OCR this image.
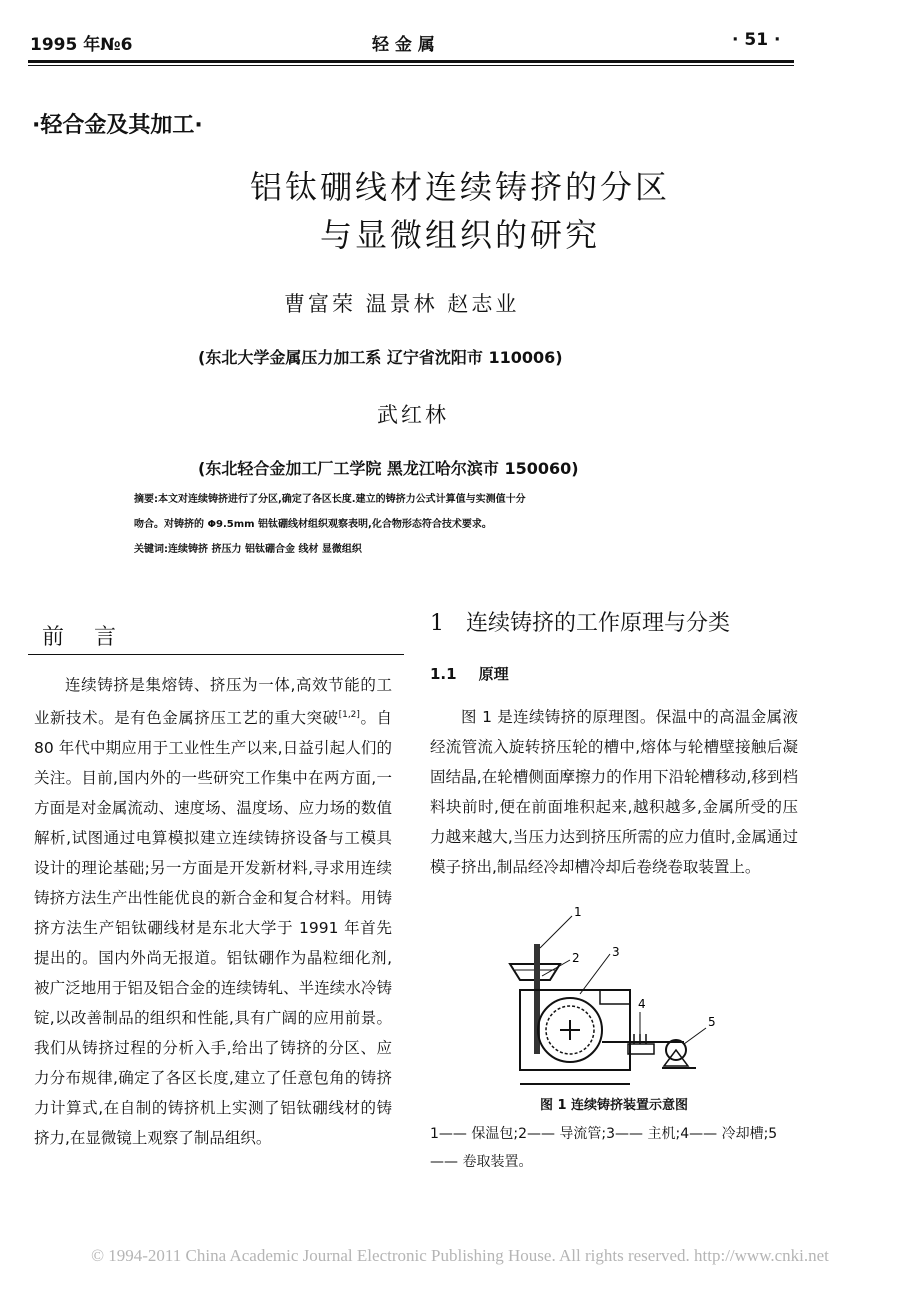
1995 年№6	轻 金 属	· 51 ·
·轻合金及其加工·
铝钛硼线材连续铸挤的分区
与显微组织的研究
曹富荣 温景林 赵志业
(东北大学金属压力加工系 辽宁省沈阳市 110006)
武红林
(东北轻合金加工厂工学院 黑龙江哈尔滨市 150060)
摘要:本文对连续铸挤进行了分区,确定了各区长度.建立的铸挤力公式计算值与实测值十分
吻合。对铸挤的 Φ9.5mm 铝钛硼线材组织观察表明,化合物形态符合技术要求。
关键词:连续铸挤 挤压力 铝钛硼合金 线材 显微组织
前言
连续铸挤是集熔铸、挤压为一体,高效节能的工业新技术。是有色金属挤压工艺的重大突破[1,2]。自 80 年代中期应用于工业性生产以来,日益引起人们的关注。目前,国内外的一些研究工作集中在两方面,一方面是对金属流动、速度场、温度场、应力场的数值解析,试图通过电算模拟建立连续铸挤设备与工模具设计的理论基础;另一方面是开发新材料,寻求用连续铸挤方法生产出性能优良的新合金和复合材料。用铸挤方法生产铝钛硼线材是东北大学于 1991 年首先提出的。国内外尚无报道。铝钛硼作为晶粒细化剂,被广泛地用于铝及铝合金的连续铸轧、半连续水冷铸锭,以改善制品的组织和性能,具有广阔的应用前景。我们从铸挤过程的分析入手,给出了铸挤的分区、应力分布规律,确定了各区长度,建立了任意包角的铸挤力计算式,在自制的铸挤机上实测了铝钛硼线材的铸挤力,在显微镜上观察了制品组织。
1 连续铸挤的工作原理与分类
1.1 原理
图 1 是连续铸挤的原理图。保温中的高温金属液经流管流入旋转挤压轮的槽中,熔体与轮槽壁接触后凝固结晶,在轮槽侧面摩擦力的作用下沿轮槽移动,移到档料块前时,便在前面堆积起来,越积越多,金属所受的压力越来越大,当压力达到挤压所需的应力值时,金属通过模子挤出,制品经冷却槽冷却后卷绕卷取装置上。
1
2	3
4
5
图 1 连续铸挤装置示意图
1—— 保温包;2—— 导流管;3—— 主机;4—— 冷却槽;5—— 卷取装置。
© 1994-2011 China Academic Journal Electronic Publishing House. All rights reserved. http://www.cnki.net
